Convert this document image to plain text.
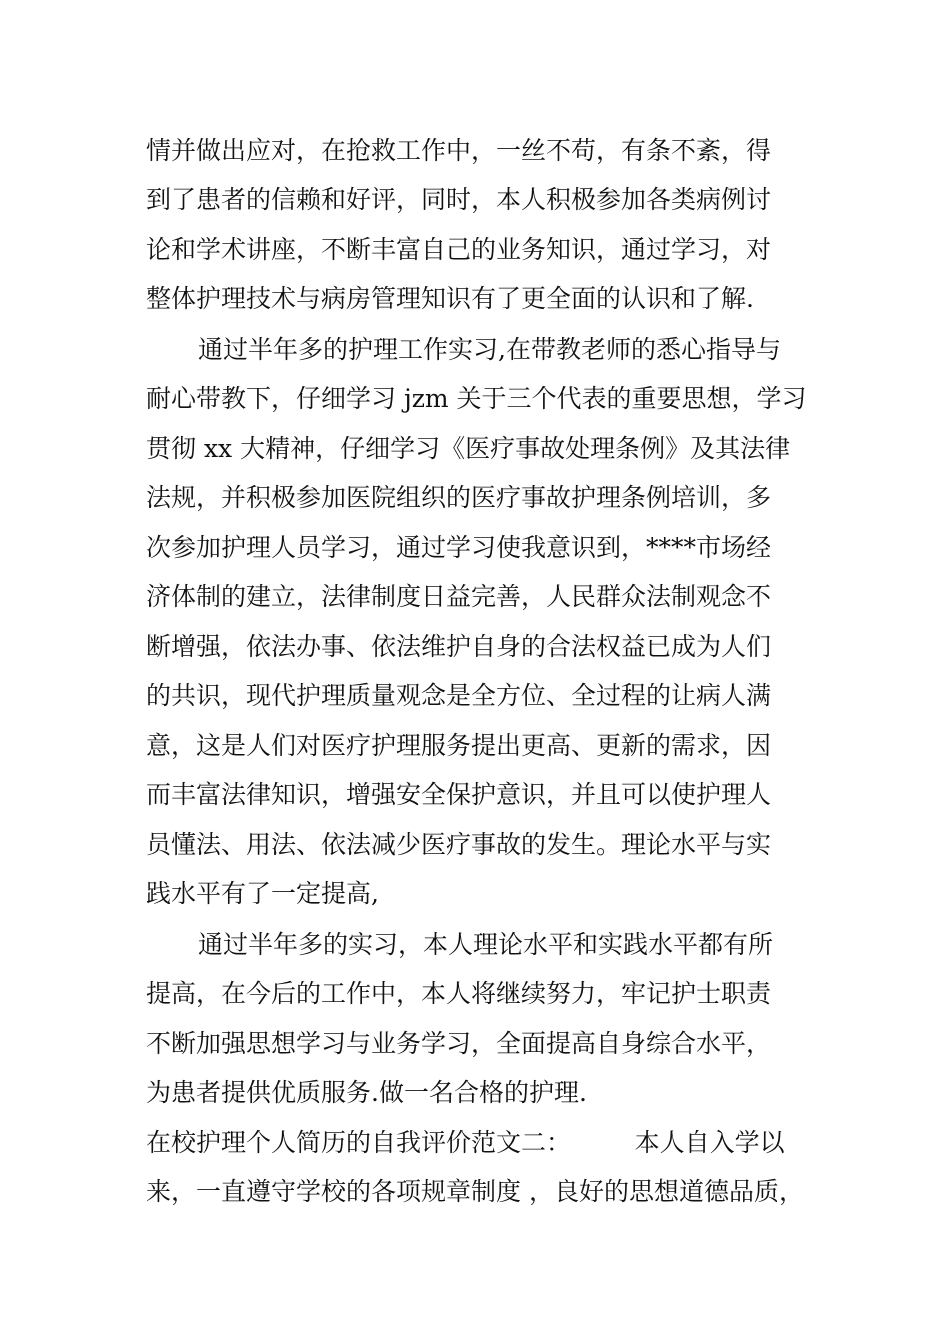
情并做出应对，在抢救工作中，一丝不苟，有条不紊，得
到了患者的信赖和好评，同时，本人积极参加各类病例讨
论和学术讲座，不断丰富自己的业务知识，通过学习，对
整体护理技术与病房管理知识有了更全面的认识和了解.
通过半年多的护理工作实习,在带教老师的悉心指导与
耐心带教下，仔细学习 jzm 关于三个代表的重要思想，学习
贯彻 xx 大精神，仔细学习《医疗事故处理条例》及其法律
法规，并积极参加医院组织的医疗事故护理条例培训，多
次参加护理人员学习，通过学习使我意识到，****市场经
济体制的建立，法律制度日益完善，人民群众法制观念不
断增强，依法办事、依法维护自身的合法权益已成为人们
的共识，现代护理质量观念是全方位、全过程的让病人满
意，这是人们对医疗护理服务提出更高、更新的需求，因
而丰富法律知识，增强安全保护意识，并且可以使护理人
员懂法、用法、依法减少医疗事故的发生。理论水平与实
践水平有了一定提高,
通过半年多的实习，本人理论水平和实践水平都有所
提高，在今后的工作中，本人将继续努力，牢记护士职责
不断加强思想学习与业务学习，全面提高自身综合水平，
为患者提供优质服务.做一名合格的护理.
在校护理个人简历的自我评价范文二：        本人自入学以
来，一直遵守学校的各项规章制度 ，良好的思想道德品质，
